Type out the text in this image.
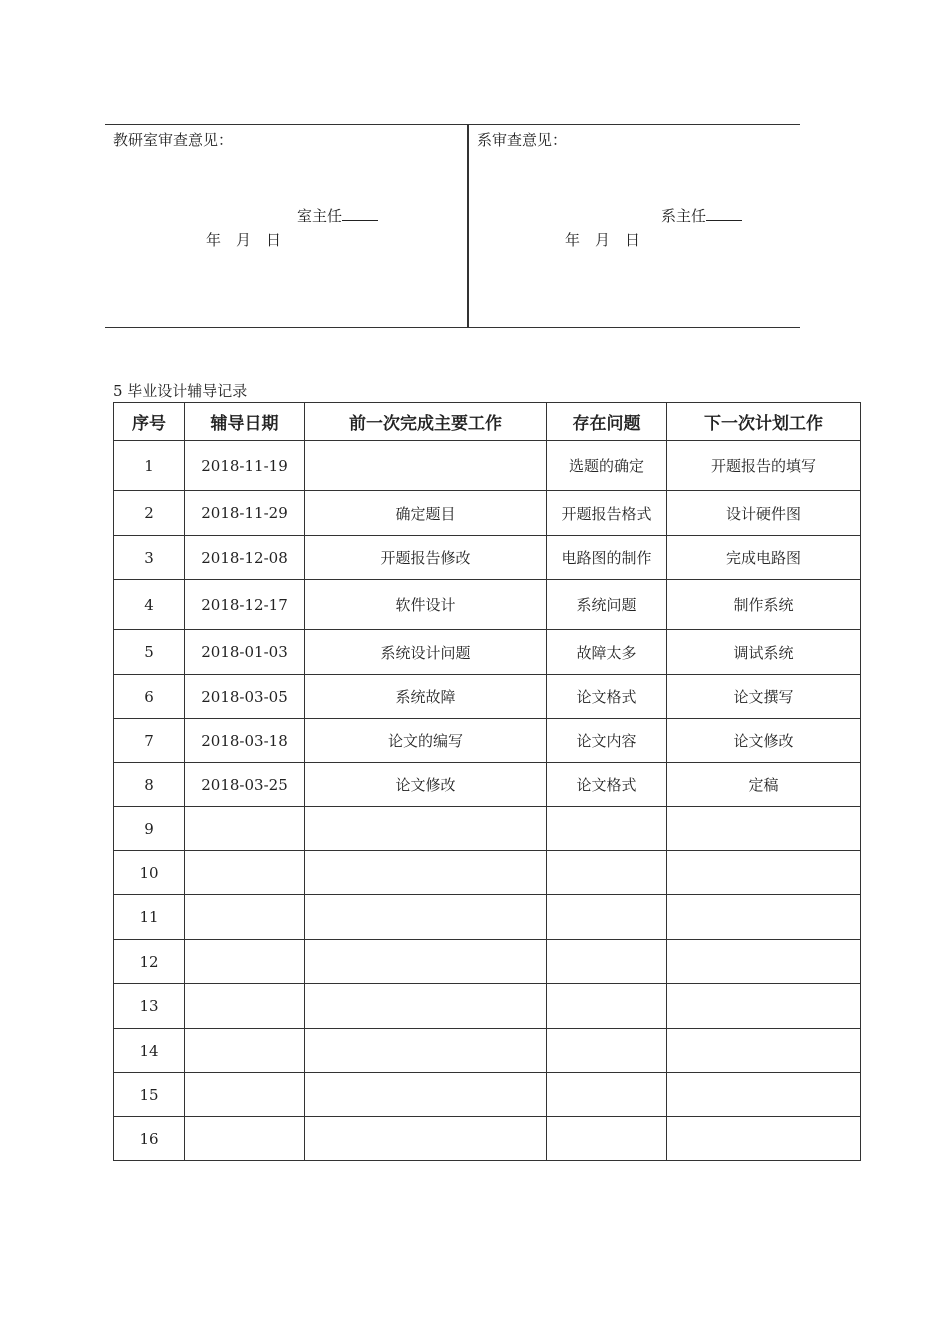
教研室审查意见：
室主任
年 月 日
系审查意见：
系主任
年 月 日
5 毕业设计辅导记录
序号	辅导日期	前一次完成主要工作	存在问题	下一次计划工作
1	2018-11-19		选题的确定	开题报告的填写
2	2018-11-29	确定题目	开题报告格式	设计硬件图
3	2018-12-08	开题报告修改	电路图的制作	完成电路图
4	2018-12-17	软件设计	系统问题	制作系统
5	2018-01-03	系统设计问题	故障太多	调试系统
6	2018-03-05	系统故障	论文格式	论文撰写
7	2018-03-18	论文的编写	论文内容	论文修改
8	2018-03-25	论文修改	论文格式	定稿
9				
10				
11				
12				
13				
14				
15				
16				
